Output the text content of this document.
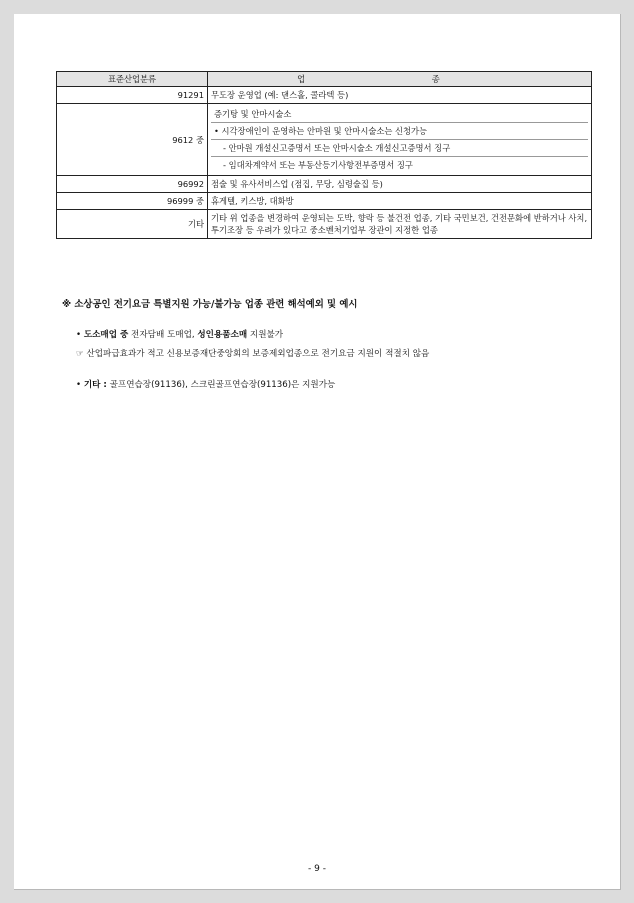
표준산업분류	업 종
91291	무도장 운영업 (예: 댄스홀, 콜라텍 등)
9612 중	증기탕 및 안마시술소
• 시각장애인이 운영하는 안마원 및 안마시술소는 신청가능
- 안마원 개설신고증명서 또는 안마시술소 개설신고증명서 징구
- 임대차계약서 또는 부동산등기사항전부증명서 징구

96992	점술 및 유사서비스업 (점집, 무당, 심령술집 등)
96999 중	휴게텔, 키스방, 대화방
기타	기타 위 업종을 변경하여 운영되는 도박, 향락 등 불건전 업종, 기타 국민보건, 건전문화에 반하거나 사치, 투기조장 등 우려가 있다고 중소벤처기업부 장관이 지정한 업종
※ 소상공인 전기요금 특별지원 가능/불가능 업종 관련 해석예외 및 예시
• 도소매업 중 전자담배 도매업, 성인용품소매 지원불가
☞ 산업파급효과가 적고 신용보증재단중앙회의 보증제외업종으로 전기요금 지원이 적절치 않음
• 기타 : 골프연습장(91136), 스크린골프연습장(91136)은 지원가능
- 9 -
